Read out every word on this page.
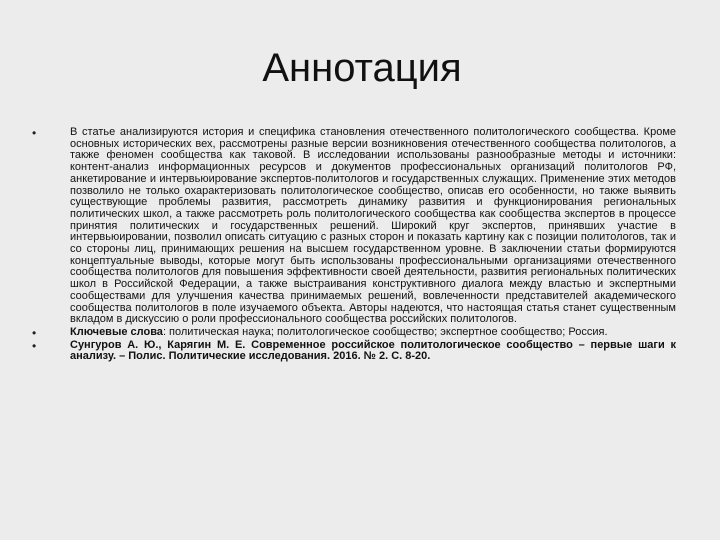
Аннотация
•	В статье анализируются история и специфика становления отечественного политологического сообщества. Кроме основных исторических вех, рассмотрены разные версии возникновения отечественного сообщества политологов, а также феномен сообщества как таковой. В исследовании использованы разнообразные методы и источники: контент-анализ информационных ресурсов и документов профессиональных организаций политологов РФ, анкетирование и интервьюирование экспертов-политологов и государственных служащих. Применение этих методов позволило не только охарактеризовать политологическое сообщество, описав его особенности, но также выявить существующие проблемы развития, рассмотреть динамику развития и функционирования региональных политических школ, а также рассмотреть роль политологического сообщества как сообщества экспертов в процессе принятия политических и государственных решений. Широкий круг экспертов, принявших участие в интервьюировании, позволил описать ситуацию с разных сторон и показать картину как с позиции политологов, так и со стороны лиц, принимающих решения на высшем государственном уровне. В заключении статьи формируются концептуальные выводы, которые могут быть использованы профессиональными организациями отечественного сообщества политологов для повышения эффективности своей деятельности, развития региональных политических школ в Российской Федерации, а также выстраивания конструктивного диалога между властью и экспертными сообществами для улучшения качества принимаемых решений, вовлеченности представителей академического сообщества политологов в поле изучаемого объекта. Авторы надеются, что настоящая статья станет существенным вкладом в дискуссию о роли профессионального сообщества российских политологов.
•	Ключевые слова: политическая наука; политологическое сообщество; экспертное сообщество; Россия.
•	Сунгуров А. Ю., Карягин М. Е. Современное российское политологическое сообщество – первые шаги к анализу. – Полис. Политические исследования. 2016. № 2. С. 8-20.
